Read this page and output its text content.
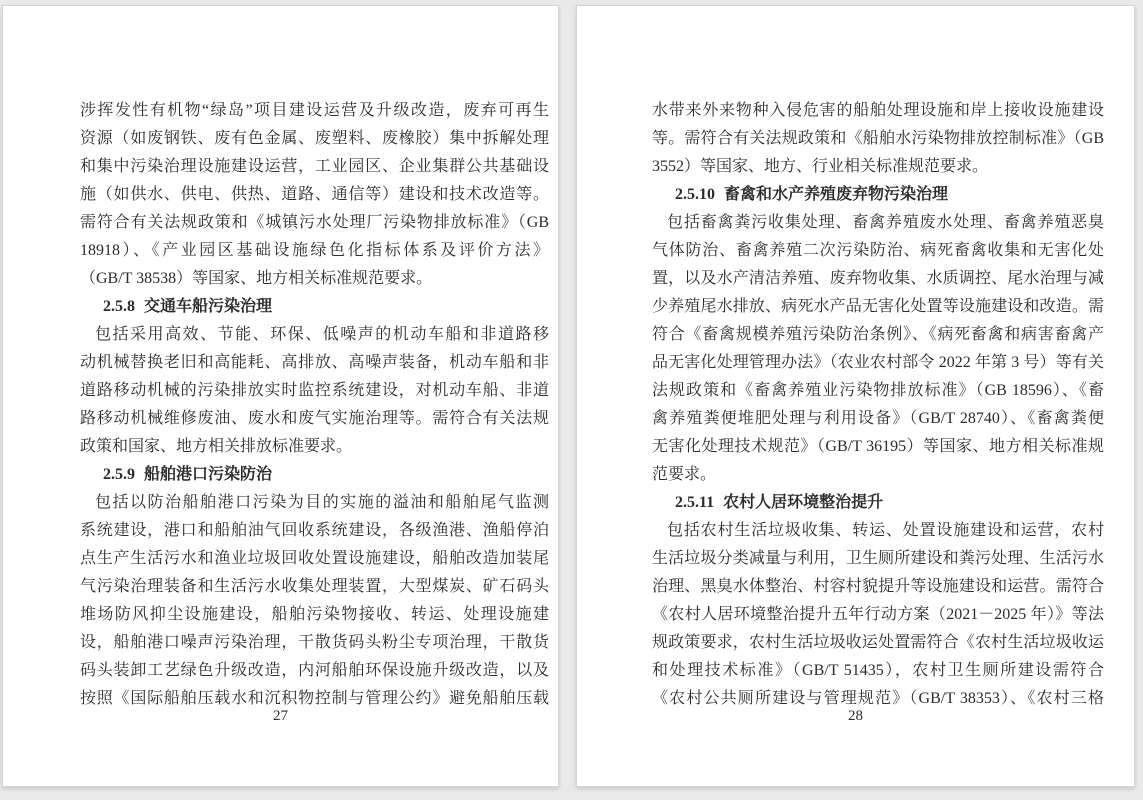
涉挥发性有机物“绿岛”项目建设运营及升级改造，废弃可再生
资源（如废钢铁、废有色金属、废塑料、废橡胶）集中拆解处理
和集中污染治理设施建设运营，工业园区、企业集群公共基础设
施（如供水、供电、供热、道路、通信等）建设和技术改造等。
需符合有关法规政策和《城镇污水处理厂污染物排放标准》（GB
18918）、《产业园区基础设施绿色化指标体系及评价方法》
（GB/T 38538）等国家、地方相关标准规范要求。
2.5.8 交通车船污染治理
包括采用高效、节能、环保、低噪声的机动车船和非道路移
动机械替换老旧和高能耗、高排放、高噪声装备，机动车船和非
道路移动机械的污染排放实时监控系统建设，对机动车船、非道
路移动机械维修废油、废水和废气实施治理等。需符合有关法规
政策和国家、地方相关排放标准要求。
2.5.9 船舶港口污染防治
包括以防治船舶港口污染为目的实施的溢油和船舶尾气监测
系统建设，港口和船舶油气回收系统建设，各级渔港、渔船停泊
点生产生活污水和渔业垃圾回收处置设施建设，船舶改造加装尾
气污染治理装备和生活污水收集处理装置，大型煤炭、矿石码头
堆场防风抑尘设施建设，船舶污染物接收、转运、处理设施建
设，船舶港口噪声污染治理，干散货码头粉尘专项治理，干散货
码头装卸工艺绿色升级改造，内河船舶环保设施升级改造，以及
按照《国际船舶压载水和沉积物控制与管理公约》避免船舶压载
27
水带来外来物种入侵危害的船舶处理设施和岸上接收设施建设
等。需符合有关法规政策和《船舶水污染物排放控制标准》（GB
3552）等国家、地方、行业相关标准规范要求。
2.5.10 畜禽和水产养殖废弃物污染治理
包括畜禽粪污收集处理、畜禽养殖废水处理、畜禽养殖恶臭
气体防治、畜禽养殖二次污染防治、病死畜禽收集和无害化处
置，以及水产清洁养殖、废弃物收集、水质调控、尾水治理与减
少养殖尾水排放、病死水产品无害化处置等设施建设和改造。需
符合《畜禽规模养殖污染防治条例》、《病死畜禽和病害畜禽产
品无害化处理管理办法》（农业农村部令 2022 年第 3 号）等有关
法规政策和《畜禽养殖业污染物排放标准》（GB 18596）、《畜
禽养殖粪便堆肥处理与利用设备》（GB/T 28740）、《畜禽粪便
无害化处理技术规范》（GB/T 36195）等国家、地方相关标准规
范要求。
2.5.11 农村人居环境整治提升
包括农村生活垃圾收集、转运、处置设施建设和运营，农村
生活垃圾分类减量与利用，卫生厕所建设和粪污处理、生活污水
治理、黑臭水体整治、村容村貌提升等设施建设和运营。需符合
《农村人居环境整治提升五年行动方案（2021－2025 年）》等法
规政策要求，农村生活垃圾收运处置需符合《农村生活垃圾收运
和处理技术标准》（GB/T 51435），农村卫生厕所建设需符合
《农村公共厕所建设与管理规范》（GB/T 38353）、《农村三格
28
